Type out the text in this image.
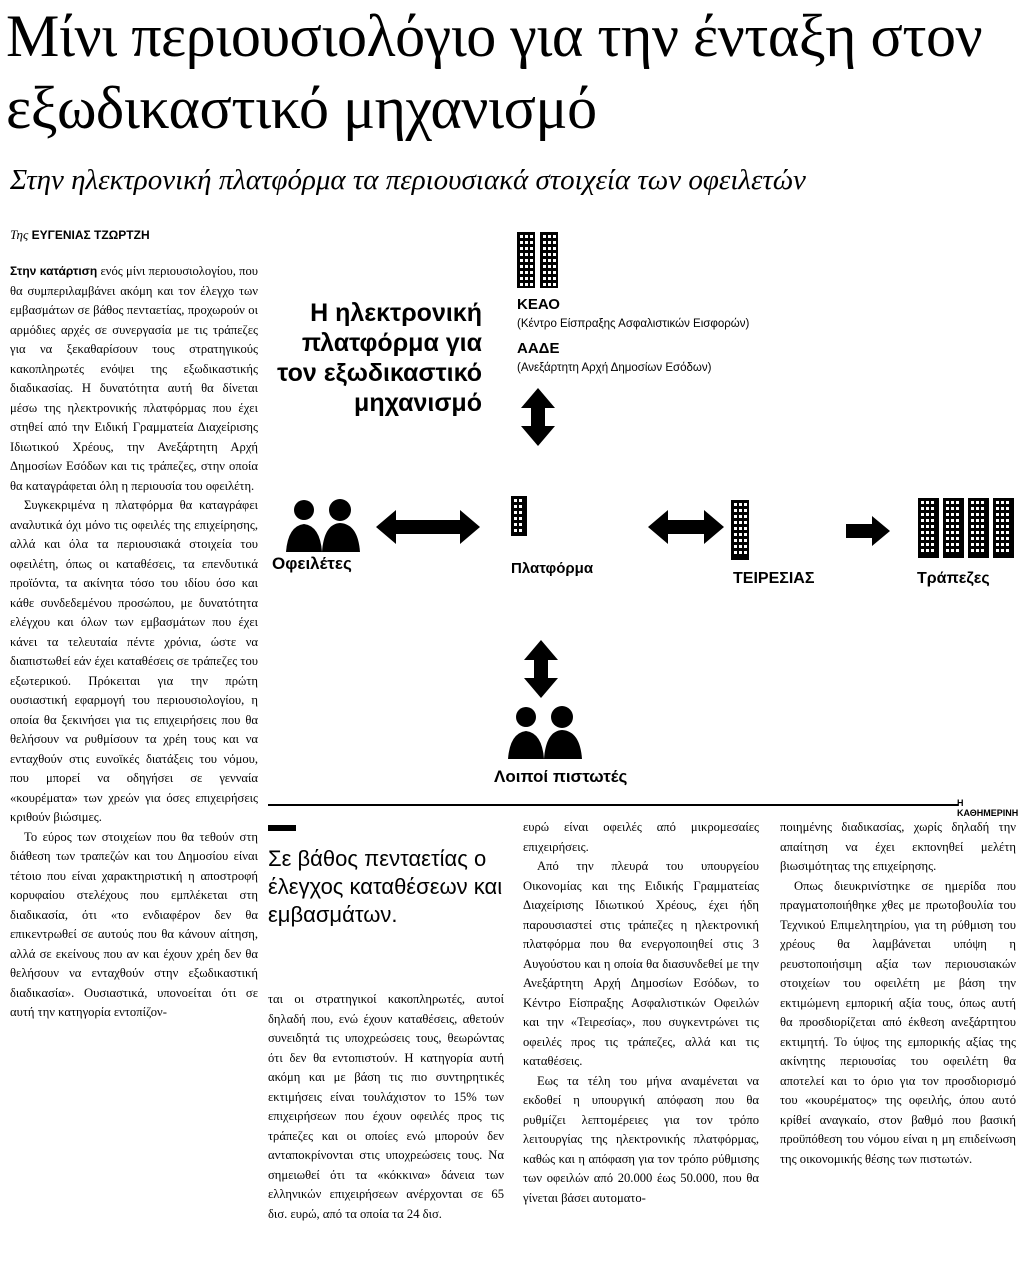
Μίνι περιουσιολόγιο για την ένταξη στον εξωδικαστικό μηχανισμό
Στην ηλεκτρονική πλατφόρμα τα περιουσιακά στοιχεία των οφειλετών
Της ΕΥΓΕΝΙΑΣ ΤΖΩΡΤΖΗ

Στην κατάρτιση ενός μίνι περιουσιολογίου, που θα συμπεριλαμβάνει ακόμη και τον έλεγχο των εμβασμάτων σε βάθος πενταετίας, προχωρούν οι αρμόδιες αρχές σε συνεργασία με τις τράπεζες για να ξεκαθαρίσουν τους στρατηγικούς κακοπληρωτές ενόψει της εξωδικαστικής διαδικασίας. Η δυνατότητα αυτή θα δίνεται μέσω της ηλεκτρονικής πλατφόρμας που έχει στηθεί από την Ειδική Γραμματεία Διαχείρισης Ιδιωτικού Χρέους, την Ανεξάρτητη Αρχή Δημοσίων Εσόδων και τις τράπεζες, στην οποία θα καταγράφεται όλη η περιουσία του οφειλέτη.

Συγκεκριμένα η πλατφόρμα θα καταγράφει αναλυτικά όχι μόνο τις οφειλές της επιχείρησης, αλλά και όλα τα περιουσιακά στοιχεία του οφειλέτη, όπως οι καταθέσεις, τα επενδυτικά προϊόντα, τα ακίνητα τόσο του ιδίου όσο και κάθε συνδεδεμένου προσώπου, με δυνατότητα ελέγχου και όλων των εμβασμάτων που έχει κάνει τα τελευταία πέντε χρόνια, ώστε να διαπιστωθεί εάν έχει καταθέσεις σε τράπεζες του εξωτερικού. Πρόκειται για την πρώτη ουσιαστική εφαρμογή του περιουσιολογίου, η οποία θα ξεκινήσει για τις επιχειρήσεις που θα θελήσουν να ρυθμίσουν τα χρέη τους και να ενταχθούν στις ευνοϊκές διατάξεις του νόμου, που μπορεί να οδηγήσει σε γενναία «κουρέματα» των χρεών για όσες επιχειρήσεις κριθούν βιώσιμες.

Το εύρος των στοιχείων που θα τεθούν στη διάθεση των τραπεζών και του Δημοσίου είναι τέτοιο που είναι χαρακτηριστική η αποστροφή κορυφαίου στελέχους που εμπλέκεται στη διαδικασία, ότι «το ενδιαφέρον δεν θα επικεντρωθεί σε αυτούς που θα κάνουν αίτηση, αλλά σε εκείνους που αν και έχουν χρέη δεν θα θελήσουν να ενταχθούν στην εξωδικαστική διαδικασία». Ουσιαστικά, υπονοείται ότι σε αυτή την κατηγορία εντοπίζον-

Η ηλεκτρονική πλατφόρμα για τον εξωδικαστικό μηχανισμό
ΚΕΑΟ
(Κέντρο Είσπραξης Ασφαλιστικών Εισφορών)
ΑΑΔΕ
(Ανεξάρτητη Αρχή Δημοσίων Εσόδων)
Οφειλέτες	Πλατφόρμα
ΤΕΙΡΕΣΙΑΣ	Τράπεζες
Λοιποί πιστωτές
Η ΚΑΘΗΜΕΡΙΝΗ
Σε βάθος πενταετίας ο έλεγχος καταθέσεων και εμβασμάτων.

ται οι στρατηγικοί κακοπληρωτές, αυτοί δηλαδή που, ενώ έχουν καταθέσεις, αθετούν συνειδητά τις υποχρεώσεις τους, θεωρώντας ότι δεν θα εντοπιστούν. Η κατηγορία αυτή ακόμη και με βάση τις πιο συντηρητικές εκτιμήσεις είναι τουλάχιστον το 15% των επιχειρήσεων που έχουν οφειλές προς τις τράπεζες και οι οποίες ενώ μπορούν δεν ανταποκρίνονται στις υποχρεώσεις τους. Να σημειωθεί ότι τα «κόκκινα» δάνεια των ελληνικών επιχειρήσεων ανέρχονται σε 65 δισ. ευρώ, από τα οποία τα 24 δισ.

ευρώ είναι οφειλές από μικρομεσαίες επιχειρήσεις.

Από την πλευρά του υπουργείου Οικονομίας και της Ειδικής Γραμματείας Διαχείρισης Ιδιωτικού Χρέους, έχει ήδη παρουσιαστεί στις τράπεζες η ηλεκτρονική πλατφόρμα που θα ενεργοποιηθεί στις 3 Αυγούστου και η οποία θα διασυνδεθεί με την Ανεξάρτητη Αρχή Δημοσίων Εσόδων, το Κέντρο Είσπραξης Ασφαλιστικών Οφειλών και την «Τειρεσίας», που συγκεντρώνει τις οφειλές προς τις τράπεζες, αλλά και τις καταθέσεις.

Εως τα τέλη του μήνα αναμένεται να εκδοθεί η υπουργική απόφαση που θα ρυθμίζει λεπτομέρειες για τον τρόπο λειτουργίας της ηλεκτρονικής πλατφόρμας, καθώς και η απόφαση για τον τρόπο ρύθμισης των οφειλών από 20.000 έως 50.000, που θα γίνεται βάσει αυτοματο-

ποιημένης διαδικασίας, χωρίς δηλαδή την απαίτηση να έχει εκπονηθεί μελέτη βιωσιμότητας της επιχείρησης.

Οπως διευκρινίστηκε σε ημερίδα που πραγματοποιήθηκε χθες με πρωτοβουλία του Τεχνικού Επιμελητηρίου, για τη ρύθμιση του χρέους θα λαμβάνεται υπόψη η ρευστοποιήσιμη αξία των περιουσιακών στοιχείων του οφειλέτη με βάση την εκτιμώμενη εμπορική αξία τους, όπως αυτή θα προσδιορίζεται από έκθεση ανεξάρτητου εκτιμητή. Το ύψος της εμπορικής αξίας της ακίνητης περιουσίας του οφειλέτη θα αποτελεί και το όριο για τον προσδιορισμό του «κουρέματος» της οφειλής, όπου αυτό κρίθεί αναγκαίο, στον βαθμό που βασική προϋπόθεση του νόμου είναι η μη επιδείνωση της οικονομικής θέσης των πιστωτών.
